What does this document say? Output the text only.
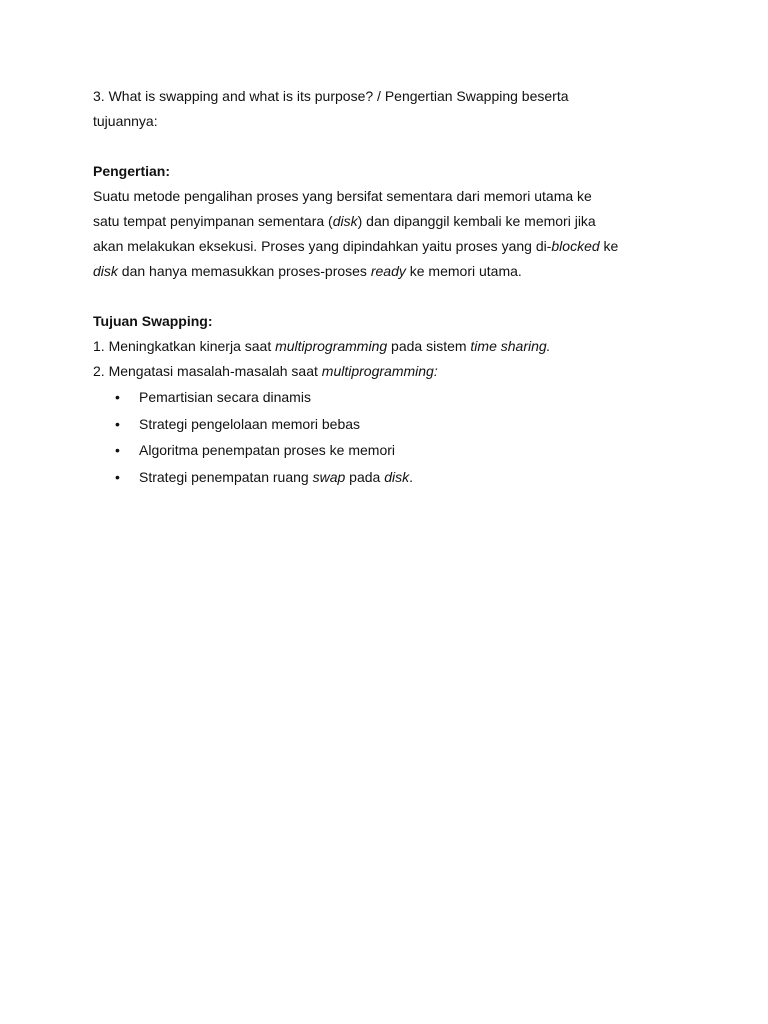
3. What is swapping and what is its purpose? / Pengertian Swapping beserta
tujuannya:
Pengertian:
Suatu metode pengalihan proses yang bersifat sementara dari memori utama ke
satu tempat penyimpanan sementara (disk) dan dipanggil kembali ke memori jika
akan melakukan eksekusi. Proses yang dipindahkan yaitu proses yang di-blocked ke
disk dan hanya memasukkan proses-proses ready ke memori utama.
Tujuan Swapping:
1. Meningkatkan kinerja saat multiprogramming pada sistem time sharing.
2. Mengatasi masalah-masalah saat multiprogramming:
• Pemartisian secara dinamis
• Strategi pengelolaan memori bebas
• Algoritma penempatan proses ke memori
• Strategi penempatan ruang swap pada disk.
